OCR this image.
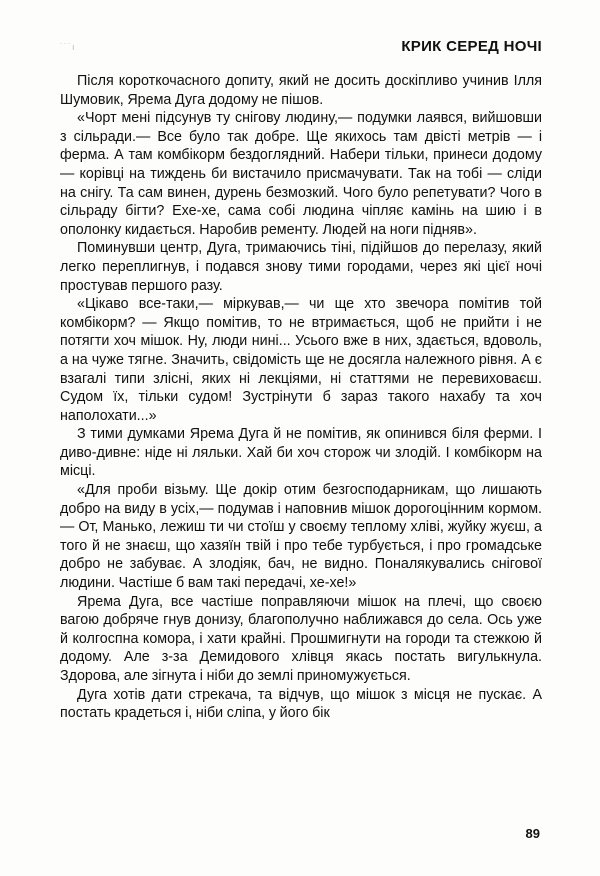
˙˙˙ı	КРИК СЕРЕД НОЧІ

Після короткочасного допиту, який не досить доскіпливо учинив Ілля Шумовик, Ярема Дуга додому не пішов.

«Чорт мені підсунув ту снігову людину,— подумки лаявся, вийшовши з сільради.— Все було так добре. Ще якихось там двісті метрів — і ферма. А там комбікорм бездоглядний. Набери тільки, принеси додому — корівці на тиждень би вистачило присмачувати. Так на тобі — сліди на снігу. Та сам винен, дурень безмозкий. Чого було репетувати? Чого в сільраду бігти? Ехе-хе, сама собі людина чіпляє камінь на шию і в ополонку кидається. Наробив ременту. Людей на ноги підняв».

Поминувши центр, Дуга, тримаючись тіні, підійшов до перелазу, який легко переплигнув, і подався знову тими городами, через які цієї ночі простував першого разу.

«Цікаво все-таки,— міркував,— чи ще хто звечора помітив той комбікорм? — Якщо помітив, то не втримається, щоб не прийти і не потягти хоч мішок. Ну, люди нині... Усього вже в них, здається, вдоволь, а на чуже тягне. Значить, свідомість ще не досягла належного рівня. А є взагалі типи злісні, яких ні лекціями, ні статтями не перевиховаєш. Судом їх, тільки судом! Зустрінути б зараз такого нахабу та хоч наполохати...»

З тими думками Ярема Дуга й не помітив, як опинився біля ферми. І диво-дивне: ніде ні ляльки. Хай би хоч сторож чи злодій. І комбікорм на місці.

«Для проби візьму. Ще докір отим безгосподарникам, що лишають добро на виду в усіх,— подумав і наповнив мішок дорогоцінним кормом.— От, Манько, лежиш ти чи стоїш у своєму теплому хліві, жуйку жуєш, а того й не знаєш, що хазяїн твій і про тебе турбується, і про громадське добро не забуває. А злодіяк, бач, не видно. Поналякувались снігової людини. Частіше б вам такі передачі, хе-хе!»

Ярема Дуга, все частіше поправляючи мішок на плечі, що своєю вагою добряче гнув донизу, благополучно наближався до села. Ось уже й колгоспна комора, і хати крайні. Прошмигнути на городи та стежкою й додому. Але з-за Демидового хлівця якась постать вигулькнула. Здорова, але зігнута і ніби до землі приномужується.

Дуга хотів дати стрекача, та відчув, що мішок з місця не пускає. А постать крадеться і, ніби сліпа, у його бік

89
